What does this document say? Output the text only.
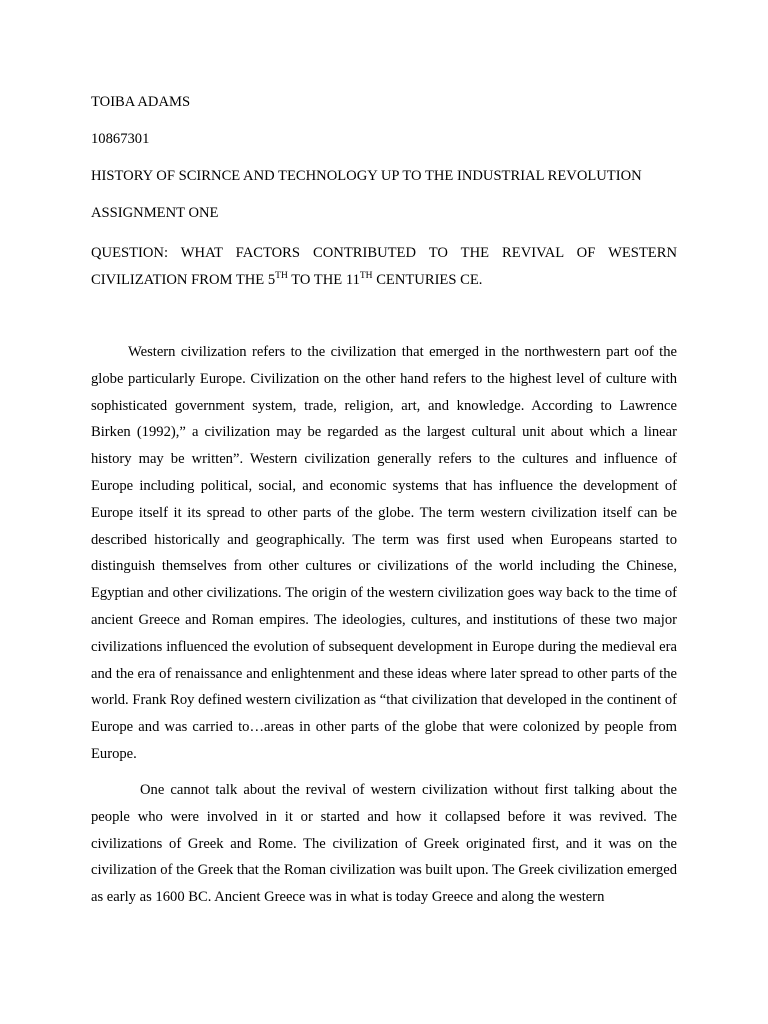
TOIBA ADAMS
10867301
HISTORY OF SCIRNCE AND TECHNOLOGY UP TO THE INDUSTRIAL REVOLUTION
ASSIGNMENT ONE

QUESTION: WHAT FACTORS CONTRIBUTED TO THE REVIVAL OF WESTERN CIVILIZATION FROM THE 5TH TO THE 11TH CENTURIES CE.

Western civilization refers to the civilization that emerged in the northwestern part oof the globe particularly Europe. Civilization on the other hand refers to the highest level of culture with sophisticated government system, trade, religion, art, and knowledge. According to Lawrence Birken (1992),” a civilization may be regarded as the largest cultural unit about which a linear history may be written”. Western civilization generally refers to the cultures and influence of Europe including political, social, and economic systems that has influence the development of Europe itself it its spread to other parts of the globe. The term western civilization itself can be described historically and geographically. The term was first used when Europeans started to distinguish themselves from other cultures or civilizations of the world including the Chinese, Egyptian and other civilizations. The origin of the western civilization goes way back to the time of ancient Greece and Roman empires. The ideologies, cultures, and institutions of these two major civilizations influenced the evolution of subsequent development in Europe during the medieval era and the era of renaissance and enlightenment and these ideas where later spread to other parts of the world. Frank Roy defined western civilization as “that civilization that developed in the continent of Europe and was carried to…areas in other parts of the globe that were colonized by people from Europe.

One cannot talk about the revival of western civilization without first talking about the people who were involved in it or started and how it collapsed before it was revived. The civilizations of Greek and Rome. The civilization of Greek originated first, and it was on the civilization of the Greek that the Roman civilization was built upon. The Greek civilization emerged as early as 1600 BC. Ancient Greece was in what is today Greece and along the western
